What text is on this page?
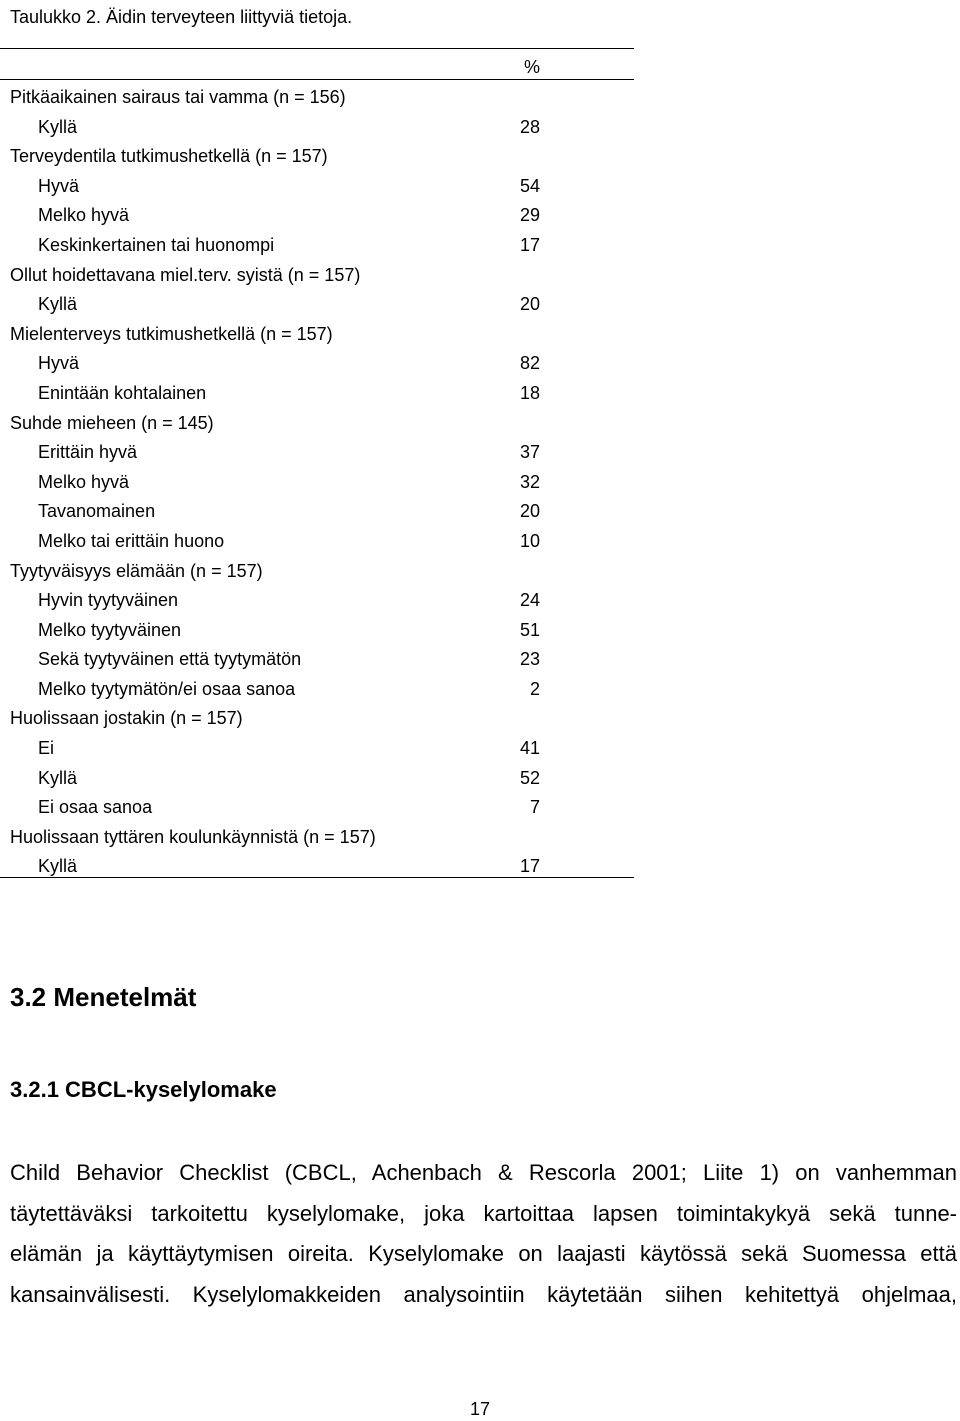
Taulukko 2. Äidin terveyteen liittyviä tietoja.
%
Pitkäaikainen sairaus tai vamma (n = 156)
Kyllä	28
Terveydentila tutkimushetkellä (n = 157)
Hyvä	54
Melko hyvä	29
Keskinkertainen tai huonompi	17
Ollut hoidettavana miel.terv. syistä (n = 157)
Kyllä	20
Mielenterveys tutkimushetkellä (n = 157)
Hyvä	82
Enintään kohtalainen	18
Suhde mieheen (n = 145)
Erittäin hyvä	37
Melko hyvä	32
Tavanomainen	20
Melko tai erittäin huono	10
Tyytyväisyys elämään (n = 157)
Hyvin tyytyväinen	24
Melko tyytyväinen	51
Sekä tyytyväinen että tyytymätön	23
Melko tyytymätön/ei osaa sanoa	2
Huolissaan jostakin (n = 157)
Ei	41
Kyllä	52
Ei osaa sanoa	7
Huolissaan tyttären koulunkäynnistä (n = 157)
Kyllä	17
3.2 Menetelmät
3.2.1 CBCL-kyselylomake
Child Behavior Checklist (CBCL, Achenbach & Rescorla 2001; Liite 1) on vanhemman
täytettäväksi tarkoitettu kyselylomake, joka kartoittaa lapsen toimintakykyä sekä tunne-
elämän ja käyttäytymisen oireita. Kyselylomake on laajasti käytössä sekä Suomessa että
kansainvälisesti. Kyselylomakkeiden analysointiin käytetään siihen kehitettyä ohjelmaa,
17
